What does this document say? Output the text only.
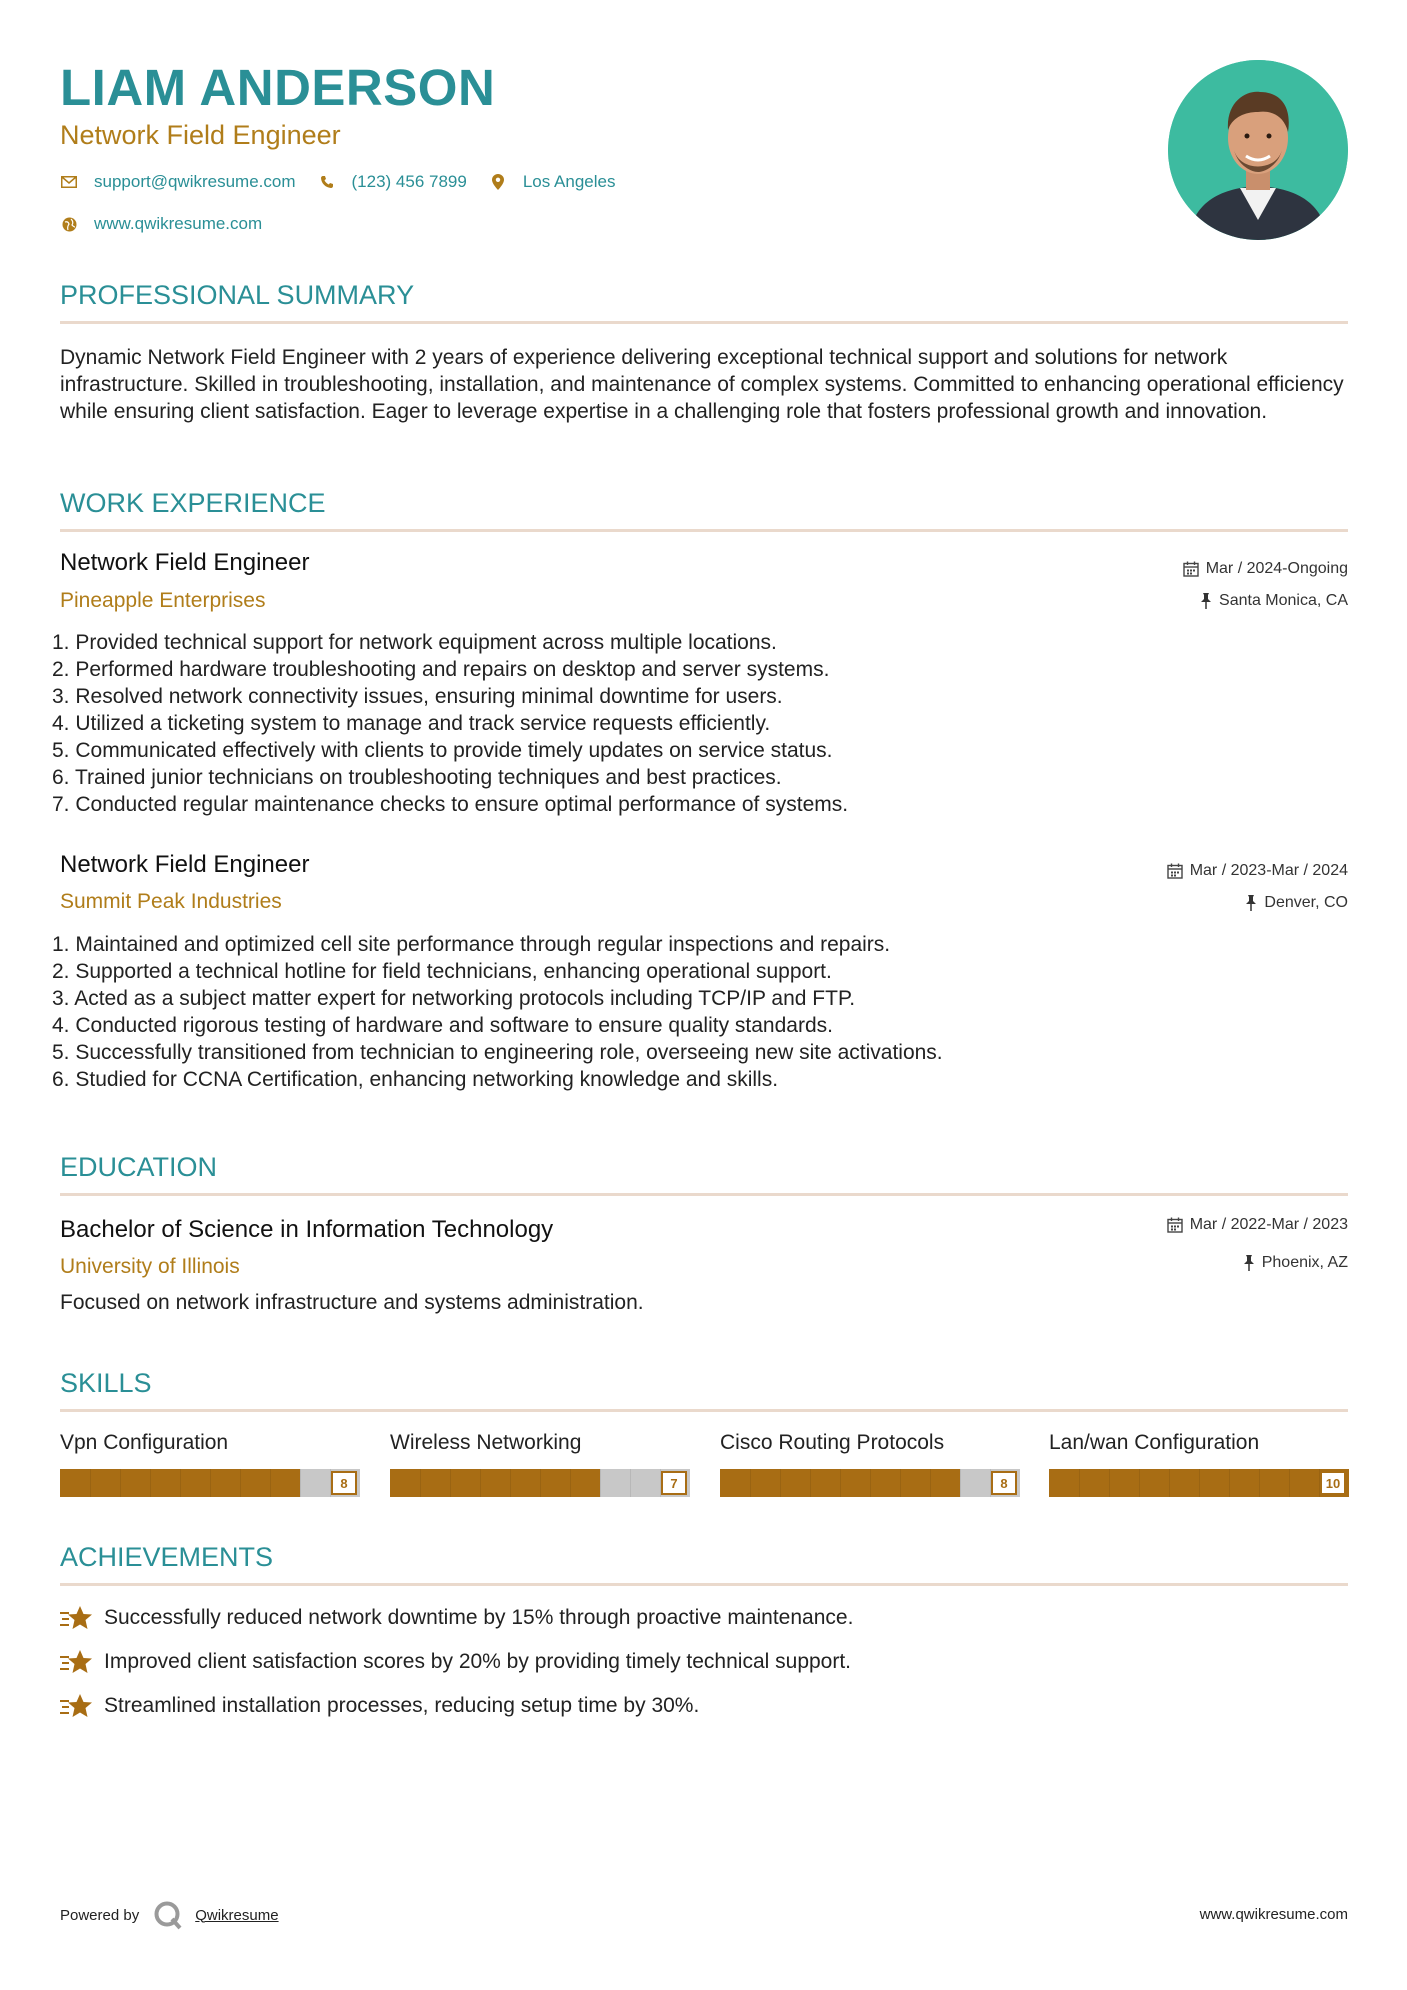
LIAM ANDERSON
Network Field Engineer
support@qwikresume.com	(123) 456 7899	Los Angeles
www.qwikresume.com
PROFESSIONAL SUMMARY

Dynamic Network Field Engineer with 2 years of experience delivering exceptional technical support and solutions for network infrastructure. Skilled in troubleshooting, installation, and maintenance of complex systems. Committed to enhancing operational efficiency while ensuring client satisfaction. Eager to leverage expertise in a challenging role that fosters professional growth and innovation.

WORK EXPERIENCE
Network Field Engineer
Pineapple Enterprises
Mar / 2024-Ongoing
Santa Monica, CA
1. Provided technical support for network equipment across multiple locations.
2. Performed hardware troubleshooting and repairs on desktop and server systems.
3. Resolved network connectivity issues, ensuring minimal downtime for users.
4. Utilized a ticketing system to manage and track service requests efficiently.
5. Communicated effectively with clients to provide timely updates on service status.
6. Trained junior technicians on troubleshooting techniques and best practices.
7. Conducted regular maintenance checks to ensure optimal performance of systems.
Network Field Engineer
Summit Peak Industries
Mar / 2023-Mar / 2024
Denver, CO
1. Maintained and optimized cell site performance through regular inspections and repairs.
2. Supported a technical hotline for field technicians, enhancing operational support.
3. Acted as a subject matter expert for networking protocols including TCP/IP and FTP.
4. Conducted rigorous testing of hardware and software to ensure quality standards.
5. Successfully transitioned from technician to engineering role, overseeing new site activations.
6. Studied for CCNA Certification, enhancing networking knowledge and skills.
EDUCATION
Bachelor of Science in Information Technology
University of Illinois
Mar / 2022-Mar / 2023
Phoenix, AZ
Focused on network infrastructure and systems administration.
SKILLS
Vpn Configuration
8
Wireless Networking
7
Cisco Routing Protocols
8
Lan/wan Configuration
10
ACHIEVEMENTS
Successfully reduced network downtime by 15% through proactive maintenance.
Improved client satisfaction scores by 20% by providing timely technical support.
Streamlined installation processes, reducing setup time by 30%.
Powered by	Qwikresume	www.qwikresume.com
